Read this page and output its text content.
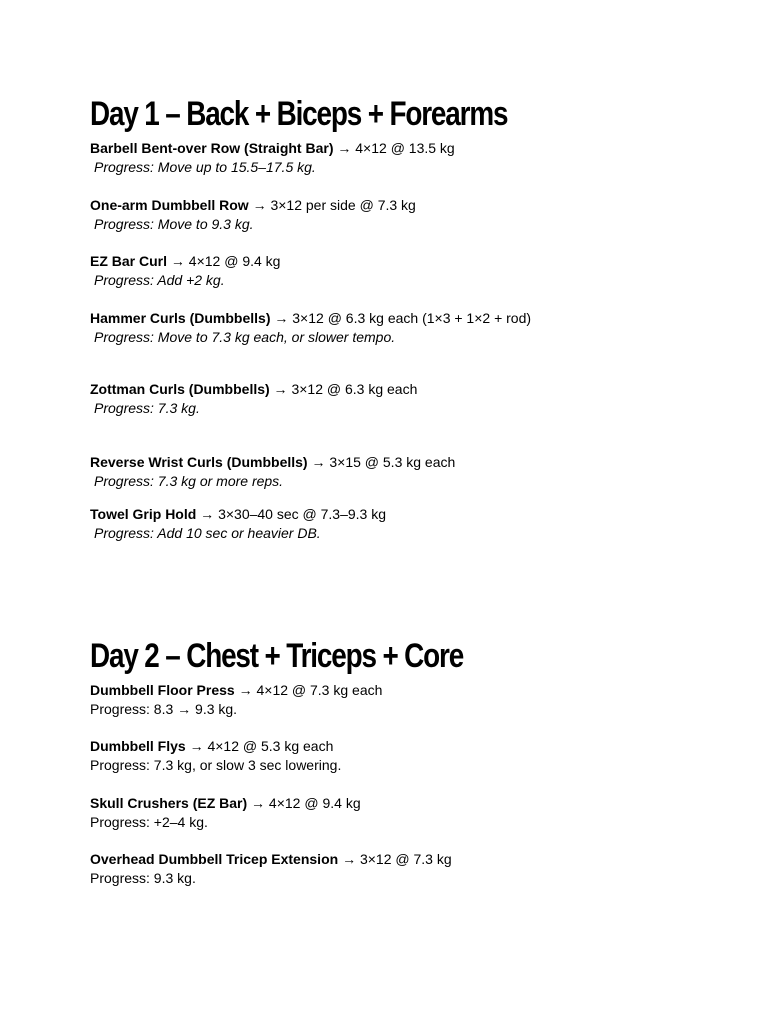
Day 1 – Back + Biceps + Forearms
Barbell Bent-over Row (Straight Bar) → 4×12 @ 13.5 kg
Progress: Move up to 15.5–17.5 kg.
One-arm Dumbbell Row → 3×12 per side @ 7.3 kg
Progress: Move to 9.3 kg.
EZ Bar Curl → 4×12 @ 9.4 kg
Progress: Add +2 kg.
Hammer Curls (Dumbbells) → 3×12 @ 6.3 kg each (1×3 + 1×2 + rod)
Progress: Move to 7.3 kg each, or slower tempo.
Zottman Curls (Dumbbells) → 3×12 @ 6.3 kg each
Progress: 7.3 kg.
Reverse Wrist Curls (Dumbbells) → 3×15 @ 5.3 kg each
Progress: 7.3 kg or more reps.
Towel Grip Hold → 3×30–40 sec @ 7.3–9.3 kg
Progress: Add 10 sec or heavier DB.
Day 2 – Chest + Triceps + Core
Dumbbell Floor Press → 4×12 @ 7.3 kg each
Progress: 8.3 → 9.3 kg.
Dumbbell Flys → 4×12 @ 5.3 kg each
Progress: 7.3 kg, or slow 3 sec lowering.
Skull Crushers (EZ Bar) → 4×12 @ 9.4 kg
Progress: +2–4 kg.
Overhead Dumbbell Tricep Extension → 3×12 @ 7.3 kg
Progress: 9.3 kg.
